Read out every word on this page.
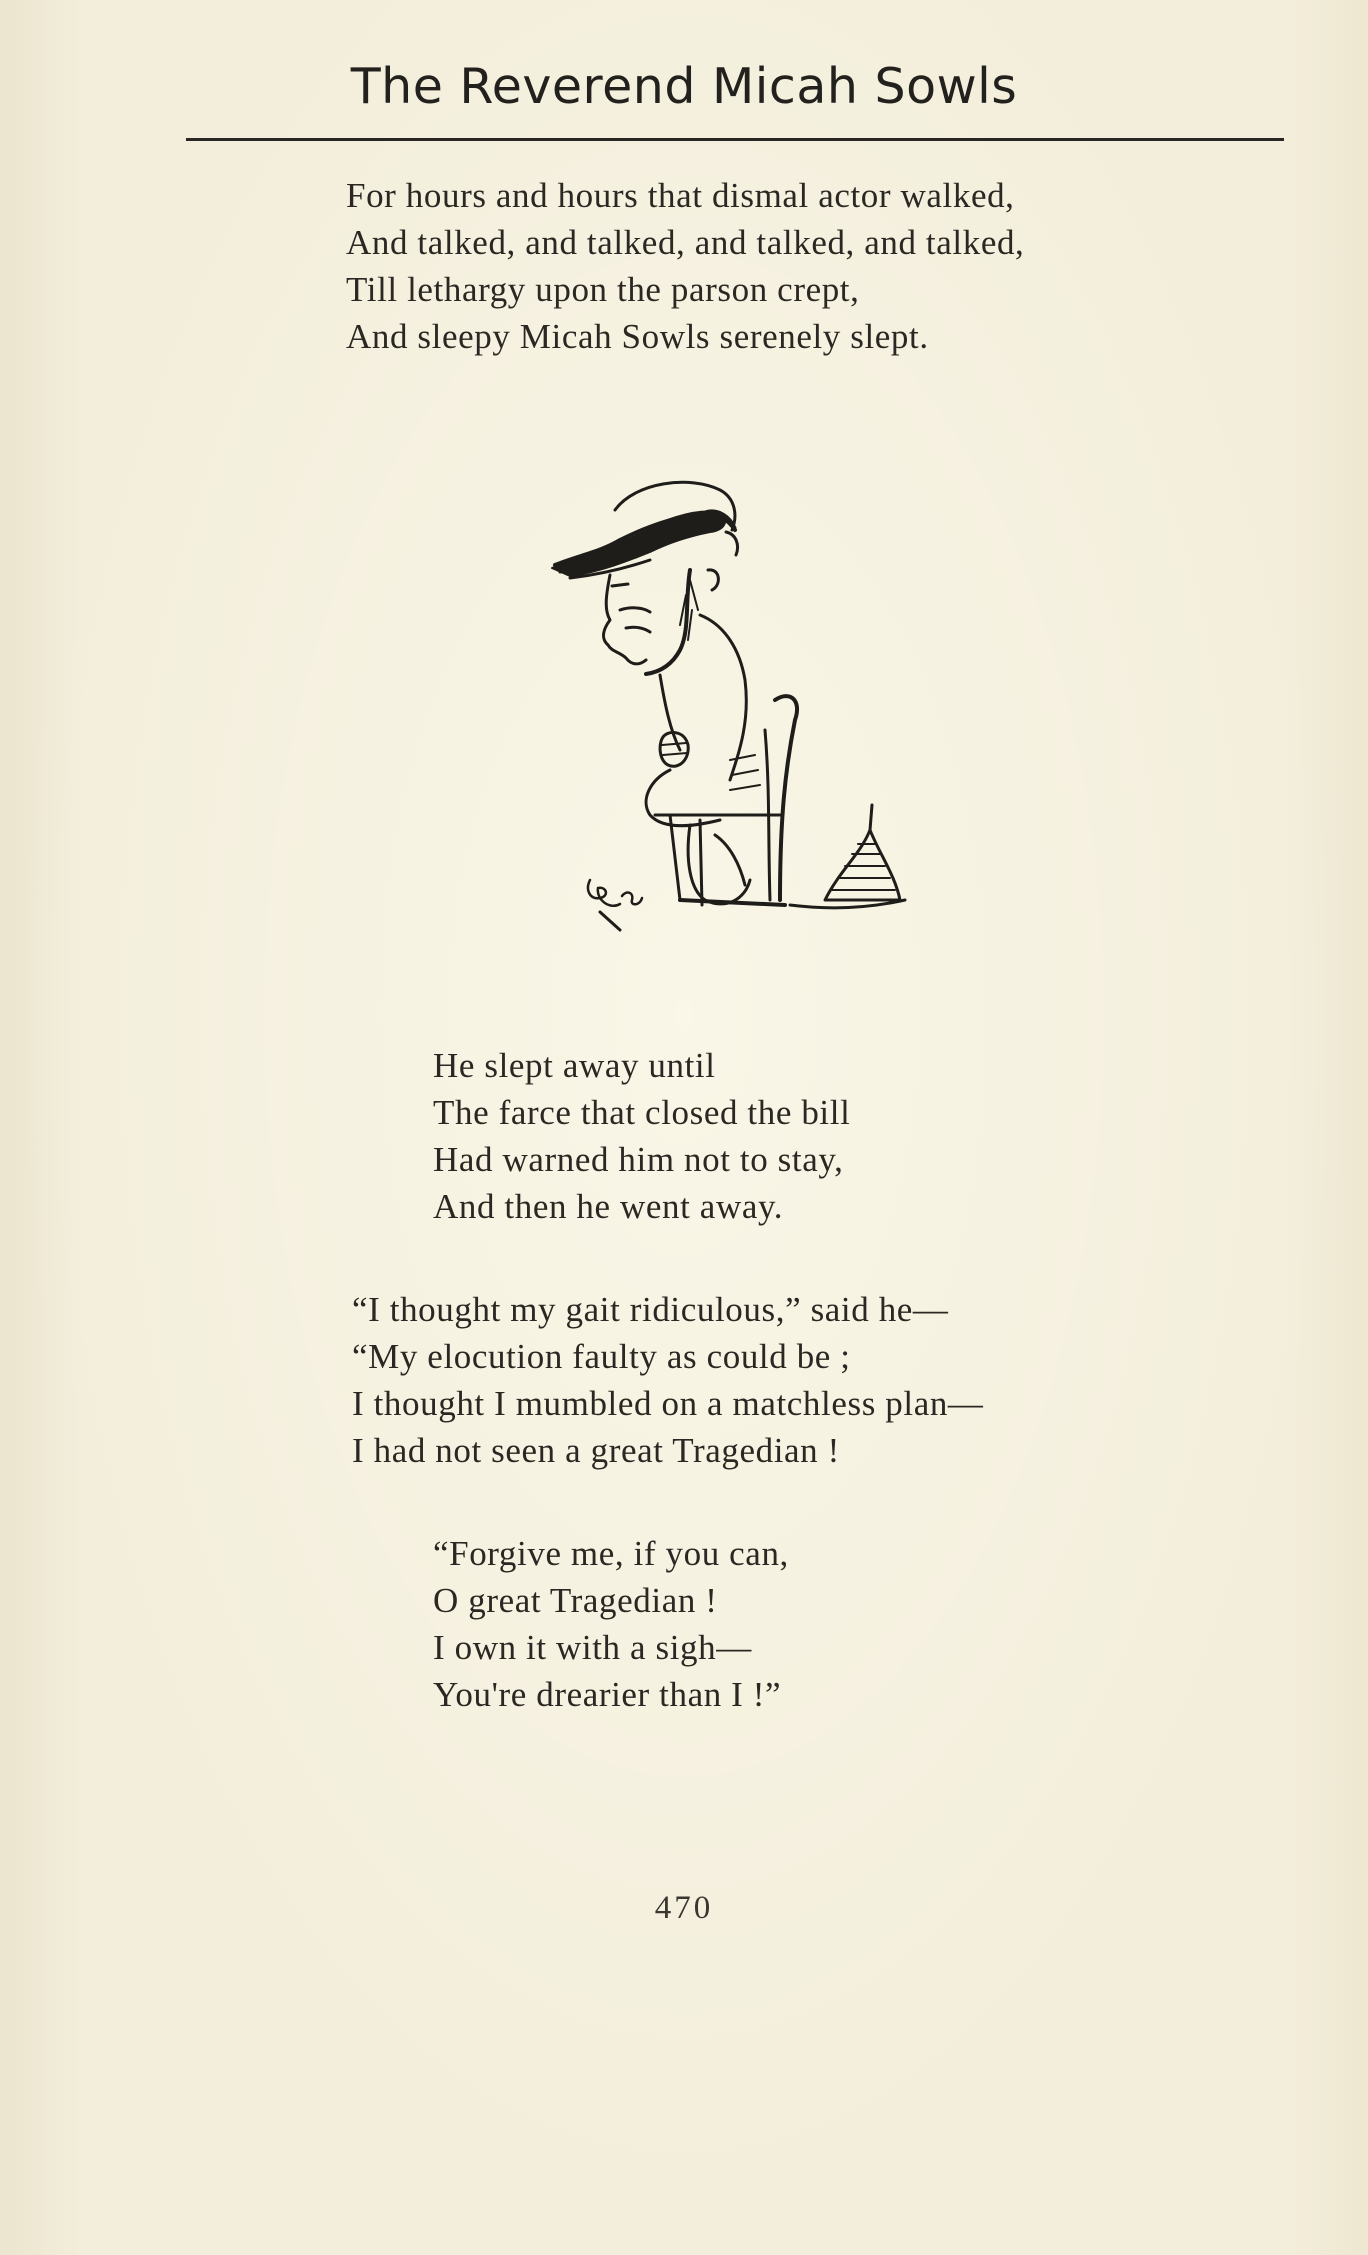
The Reverend Micah Sowls
For hours and hours that dismal actor walked,
And talked, and talked, and talked, and talked,
Till lethargy upon the parson crept,
And sleepy Micah Sowls serenely slept.
He slept away until
The farce that closed the bill
Had warned him not to stay,
And then he went away.
“I thought my gait ridiculous,” said he—
“My elocution faulty as could be ;
I thought I mumbled on a matchless plan—
I had not seen a great Tragedian !
“Forgive me, if you can,
O great Tragedian !
I own it with a sigh—
You're drearier than I !”
470
